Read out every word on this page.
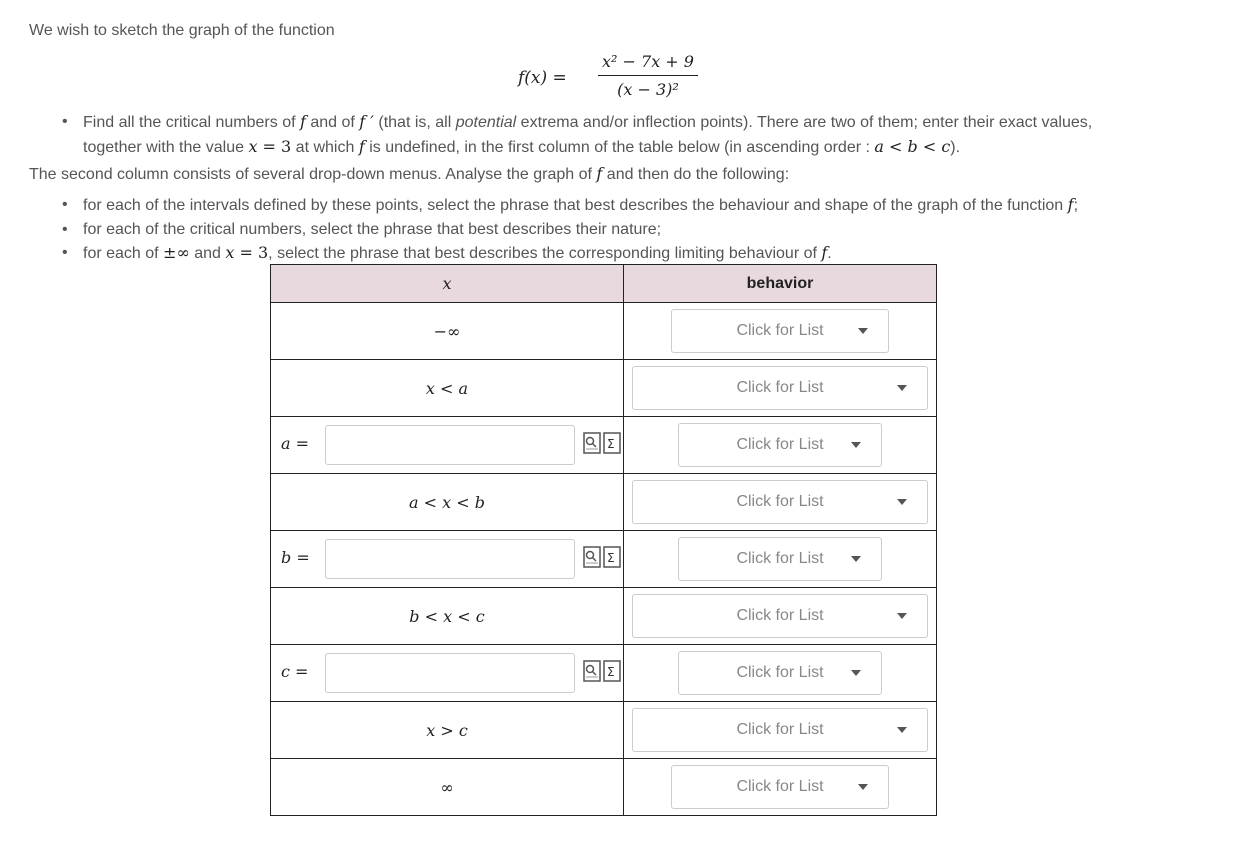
We wish to sketch the graph of the function
$f(x) = \frac{\text{x² − 7x + 9}}{\text{(x − 3)²}}$
• Find all the critical numbers of f and of f ′ (that is, all potential extrema and/or inflection points). There are two of them; enter their exact values,
together with the value x = 3 at which f is undefined, in the first column of the table below (in ascending order : a < b < c).
The second column consists of several drop-down menus. Analyse the graph of f and then do the following:
• for each of the intervals defined by these points, select the phrase that best describes the behaviour and shape of the graph of the function f;
• for each of the critical numbers, select the phrase that best describes their nature;
• for each of ±∞ and x = 3, select the phrase that best describes the corresponding limiting behaviour of f.
x	behavior
−∞	Click for List

x < a	Click for List

a = Σ	Click for List

a < x < b	Click for List

b = Σ	Click for List

b < x < c	Click for List

c = Σ	Click for List

x > c	Click for List

∞	Click for List
